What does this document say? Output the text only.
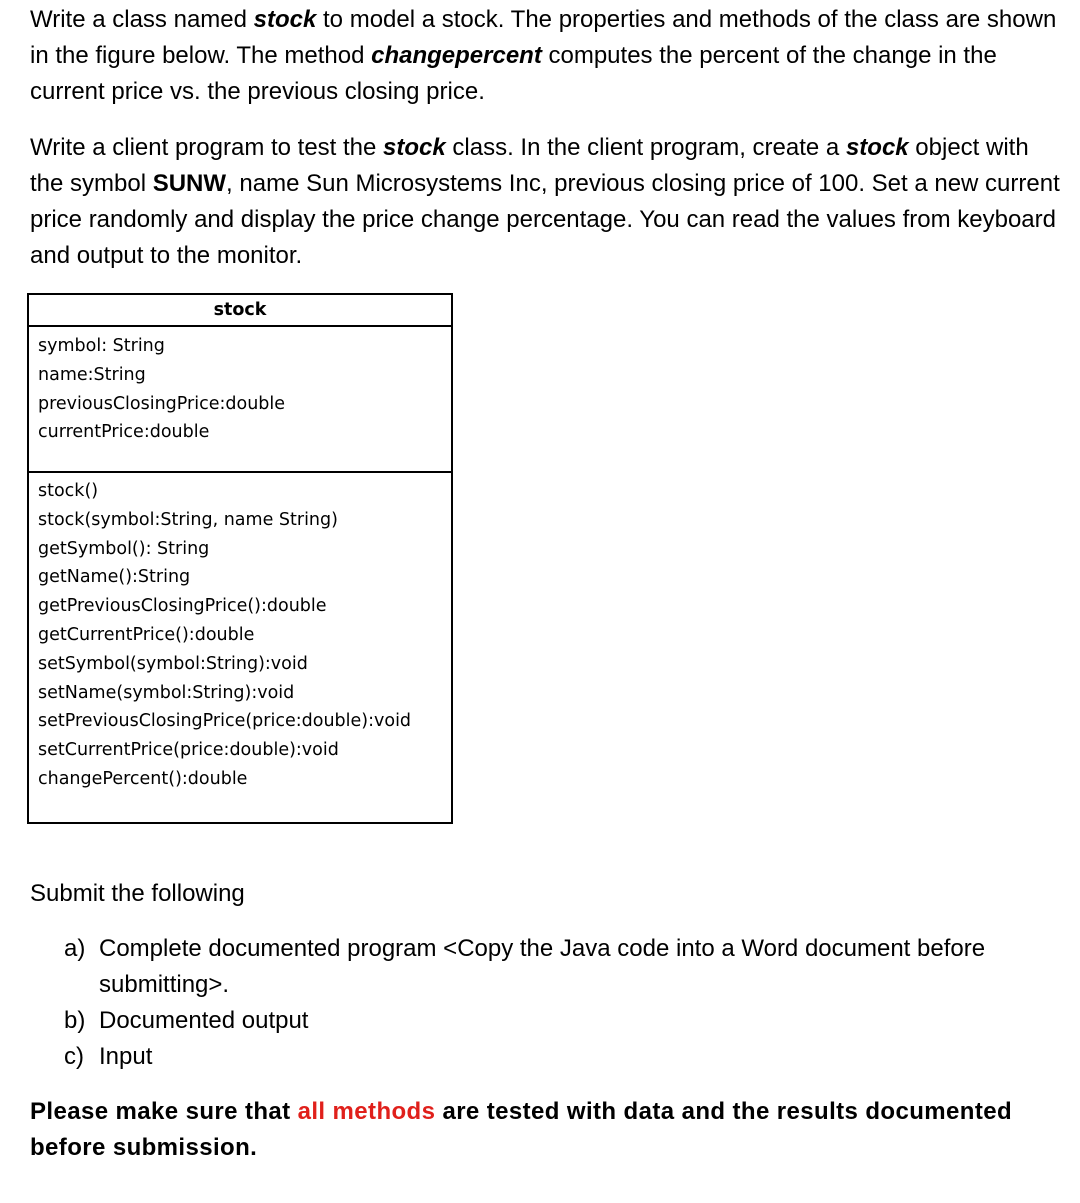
Write a class named stock to model a stock. The properties and methods of the class are shown in the figure below. The method changepercent computes the percent of the change in the current price vs. the previous closing price.

Write a client program to test the stock class. In the client program, create a stock object with the symbol SUNW, name Sun Microsystems Inc, previous closing price of 100. Set a new current price randomly and display the price change percentage. You can read the values from keyboard and output to the monitor.

stock
symbol: String
name:String
previousClosingPrice:double
currentPrice:double
stock()
stock(symbol:String, name String)
getSymbol(): String
getName():String
getPreviousClosingPrice():double
getCurrentPrice():double
setSymbol(symbol:String):void
setName(symbol:String):void
setPreviousClosingPrice(price:double):void
setCurrentPrice(price:double):void
changePercent():double
Submit the following
a) Complete documented program <Copy the Java code into a Word document before submitting>.
b) Documented output
c) Input
Please make sure that all methods are tested with data and the results documented before submission.
